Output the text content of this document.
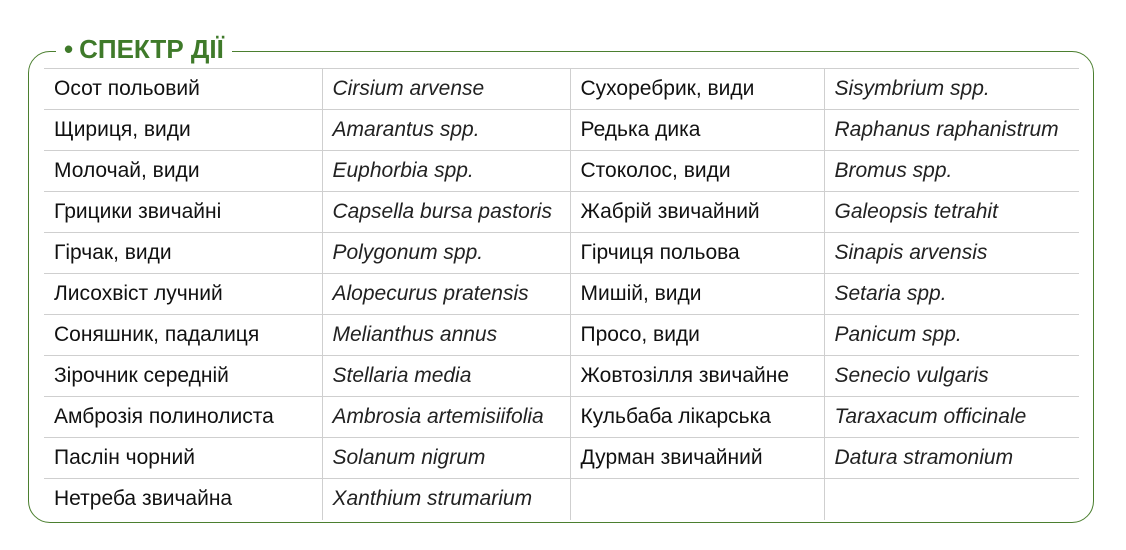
• СПЕКТР ДІЇ
Осот польовий	Cirsium arvense	Сухоребрик, види	Sisymbrium spp.
Щириця, види	Amarantus spp.	Редька дика	Raphanus raphanistrum
Молочай, види	Euphorbia spp.	Стоколос, види	Bromus spp.
Грицики звичайні	Capsella bursa pastoris	Жабрій звичайний	Galeopsis tetrahit
Гірчак, види	Polygonum spp.	Гірчиця польова	Sinapis arvensis
Лисохвіст лучний	Alopecurus pratensis	Мишій, види	Setaria spp.
Соняшник, падалиця	Melianthus annus	Просо, види	Panicum spp.
Зірочник середній	Stellaria media	Жовтозілля звичайне	Senecio vulgaris
Амброзія полинолиста	Ambrosia artemisiifolia	Кульбаба лікарська	Taraxacum officinale
Паслін чорний	Solanum nigrum	Дурман звичайний	Datura stramonium
Нетреба звичайна	Xanthium strumarium		
